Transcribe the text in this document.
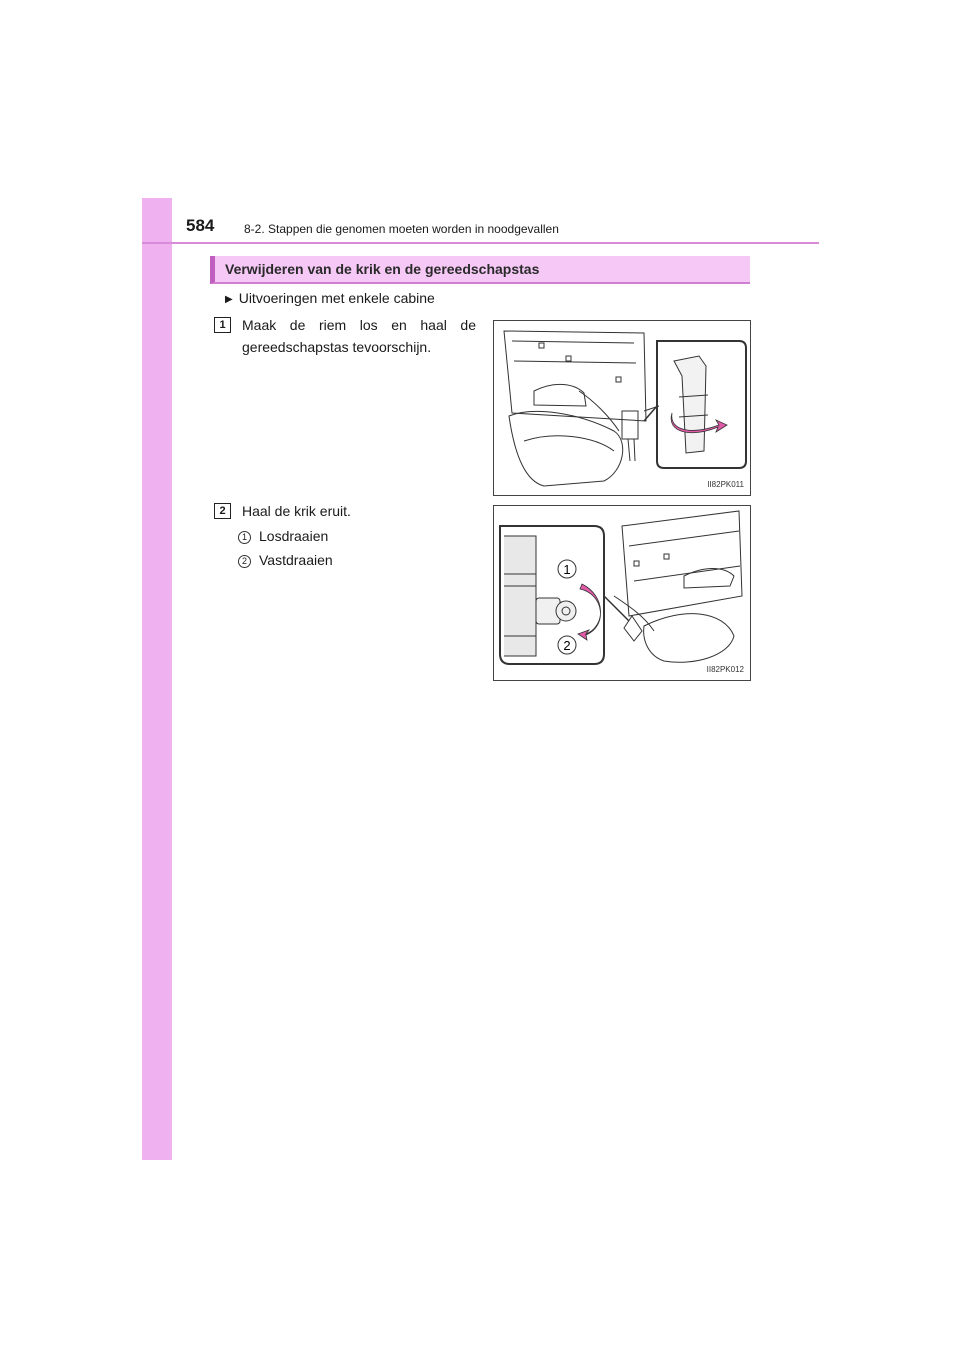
584 8-2. Stappen die genomen moeten worden in noodgevallen
Verwijderen van de krik en de gereedschapstas
▶ Uitvoeringen met enkele cabine
1	Maak de riem los en haal de
gereedschapstas tevoorschijn.
II82PK011
2	Haal de krik eruit.
1 Losdraaien
2 Vastdraaien
1
2
II82PK012
